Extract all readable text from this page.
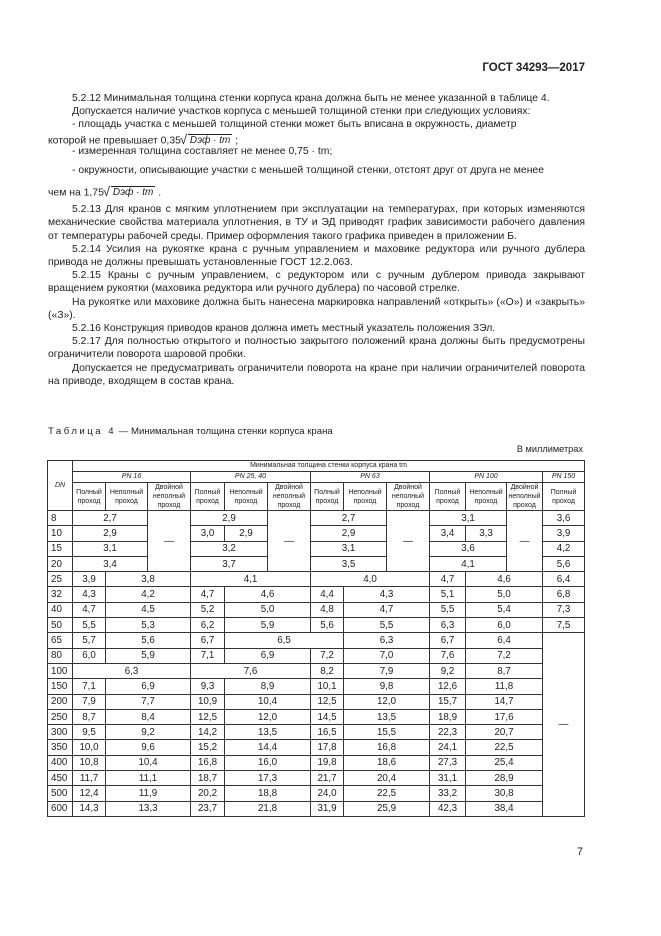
ГОСТ 34293—2017

5.2.12 Минимальная толщина стенки корпуса крана должна быть не менее указанной в таблице 4.

Допускается наличие участков корпуса с меньшей толщиной стенки при следующих условиях:

- площадь участка с меньшей толщиной стенки может быть вписана в окружность, диаметр

которой не превышает 0,35 √ Dэф · tm ;

- измеренная толщина составляет не менее 0,75 · tm;

- окружности, описывающие участки с меньшей толщиной стенки, отстоят друг от друга не менее

чем на 1,75 √ Dэф · tm .

5.2.13 Для кранов с мягким уплотнением при эксплуатации на температурах, при которых изменяются механические свойства материала уплотнения, в ТУ и ЭД приводят график зависимости рабочего давления от температуры рабочей среды. Пример оформления такого графика приведен в приложении Б.

5.2.14 Усилия на рукоятке крана с ручным управлением и маховике редуктора или ручного дублера привода не должны превышать установленные ГОСТ 12.2.063.

5.2.15 Краны с ручным управлением, с редуктором или с ручным дублером привода закрывают вращением рукоятки (маховика редуктора или ручного дублера) по часовой стрелке.

На рукоятке или маховике должна быть нанесена маркировка направлений «открыть» («О») и «закрыть» («З»).

5.2.16 Конструкция приводов кранов должна иметь местный указатель положения ЗЭл.

5.2.17 Для полностью открытого и полностью закрытого положений крана должны быть предусмотрены ограничители поворота шаровой пробки.

Допускается не предусматривать ограничители поворота на кране при наличии ограничителей поворота на приводе, входящем в состав крана.

Таблица 4 — Минимальная толщина стенки корпуса крана
В миллиметрах
DN	Минимальная толщина стенки корпуса крана tm												
	PN 16			PN 25, 40			PN 63			PN 100			PN 150
	Полный проход	Неполный проход	Двойной неполный проход	Полный проход	Неполный проход	Двойной неполный проход	Полный проход	Неполный проход	Двойной неполный проход	Полный проход	Неполный проход	Двойной неполный проход	Полный проход
8	2,7		—	2,9		—	2,7		—	3,1		—	3,6
10	2,9			3,0	2,9		2,9			3,4	3,3		3,9
15	3,1			3,2			3,1			3,6			4,2
20	3,4			3,7			3,5			4,1			5,6
25	3,9	3,8		4,1			4,0			4,7	4,6		6,4
32	4,3	4,2		4,7	4,6		4,4	4,3		5,1	5,0		6,8
40	4,7	4,5		5,2	5,0		4,8	4,7		5,5	5,4		7,3
50	5,5	5,3		6,2	5,9		5,6	5,5		6,3	6,0		7,5
65	5,7	5,6		6,7	6,5			6,3		6,7	6,4		—
80	6,0	5,9		7,1	6,9		7,2	7,0		7,6	7,2		
100	6,3			7,6			8,2	7,9		9,2	8,7		
150	7,1	6,9		9,3	8,9		10,1	9,8		12,6	11,8		
200	7,9	7,7		10,9	10,4		12,5	12,0		15,7	14,7		
250	8,7	8,4		12,5	12,0		14,5	13,5		18,9	17,6		
300	9,5	9,2		14,2	13,5		16,5	15,5		22,3	20,7		
350	10,0	9,6		15,2	14,4		17,8	16,8		24,1	22,5		
400	10,8	10,4		16,8	16,0		19,8	18,6		27,3	25,4		
450	11,7	11,1		18,7	17,3		21,7	20,4		31,1	28,9		
500	12,4	11,9		20,2	18,8		24,0	22,5		33,2	30,8		
600	14,3	13,3		23,7	21,8		31,9	25,9		42,3	38,4		
7
